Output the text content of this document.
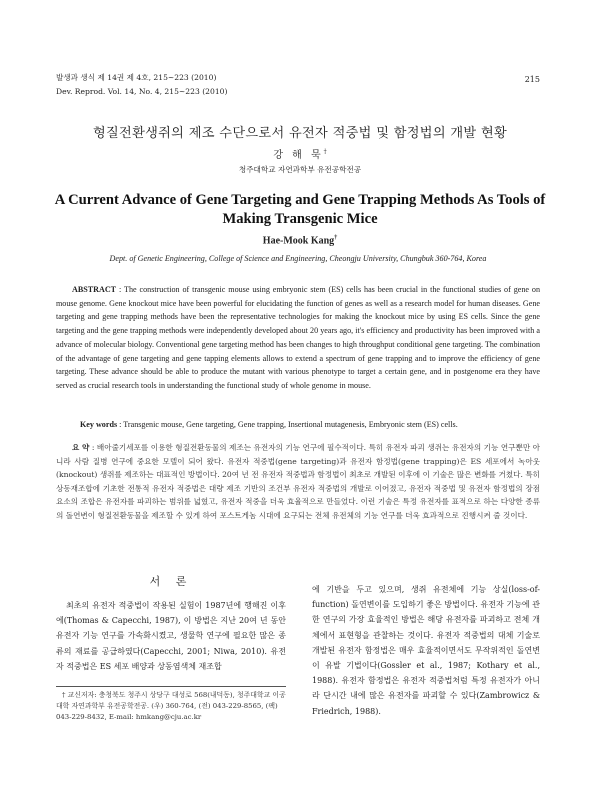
발생과 생식 제 14권 제 4호, 215~223 (2010)
Dev. Reprod. Vol. 14, No. 4, 215~223 (2010)
215
형질전환생쥐의 제조 수단으로서 유전자 적중법 및 함정법의 개발 현황
강 해 묵†
청주대학교 자연과학부 유전공학전공
A Current Advance of Gene Targeting and Gene Trapping Methods As Tools of Making Transgenic Mice
Hae-Mook Kang†
Dept. of Genetic Engineering, College of Science and Engineering, Cheongju University, Chungbuk 360-764, Korea
ABSTRACT : The construction of transgenic mouse using embryonic stem (ES) cells has been crucial in the functional studies of gene on mouse genome. Gene knockout mice have been powerful for elucidating the function of genes as well as a research model for human diseases. Gene targeting and gene trapping methods have been the representative technologies for making the knockout mice by using ES cells. Since the gene targeting and the gene trapping methods were independently developed about 20 years ago, it's efficiency and productivity has been improved with a advance of molecular biology. Conventional gene targeting method has been changes to high throughput conditional gene targeting. The combination of the advantage of gene targeting and gene tapping elements allows to extend a spectrum of gene trapping and to improve the efficiency of gene targeting. These advance should be able to produce the mutant with various phenotype to target a certain gene, and in postgenome era they have served as crucial research tools in understanding the functional study of whole genome in mouse.
Key words : Transgenic mouse, Gene targeting, Gene trapping, Insertional mutagenesis, Embryonic stem (ES) cells.
요 약 : 배아줄기세포를 이용한 형질전환동물의 제조는 유전자의 기능 연구에 필수적이다. 특히 유전자 파괴 생쥐는 유전자의 기능 연구뿐만 아니라 사람 질병 연구에 중요한 모델이 되어 왔다. 유전자 적중법(gene targeting)과 유전자 함정법(gene trapping)은 ES 세포에서 녹아웃(knockout) 생쥐를 제조하는 대표적인 방법이다. 20여 년 전 유전자 적중법과 함정법이 최초로 개발된 이후에 이 기술은 많은 변화를 거쳤다. 특히 상동재조합에 기초한 전통적 유전자 적중법은 대량 제조 기반의 조건부 유전자 적중법의 개발로 이어졌고, 유전자 적중법 및 유전자 함정법의 장점 요소의 조합은 유전자를 파괴하는 범위를 넓혔고, 유전자 적중을 더욱 효율적으로 만들었다. 이런 기술은 특정 유전자를 표적으로 하는 다양한 종류의 돌연변이 형질전환동물을 제조할 수 있게 하여 포스트게놈 시대에 요구되는 전체 유전체의 기능 연구를 더욱 효과적으로 진행시켜 줄 것이다.
서 론
최초의 유전자 적중법이 작용된 실험이 1987년에 행해진 이후에(Thomas & Capecchi, 1987), 이 방법은 지난 20여 년 동안 유전자 기능 연구를 가속화시켰고, 생물학 연구에 필요한 많은 종류의 재료를 공급하였다(Capecchi, 2001; Niwa, 2010). 유전자 적중법은 ES 세포 배양과 상동염색체 재조합
† 교신저자: 충청북도 청주시 상당구 대성로 568(내덕동), 청주대학교 이공대학 자연과학부 유전공학전공. (우) 360-764, (전) 043-229-8565, (팩) 043-229-8432, E-mail: hmkang@cju.ac.kr
에 기반을 두고 있으며, 생쥐 유전체에 기능 상실(loss-of-function) 돌연변이를 도입하기 좋은 방법이다. 유전자 기능에 관한 연구의 가장 효율적인 방법은 해당 유전자를 파괴하고 전체 개체에서 표현형을 관찰하는 것이다. 유전자 적중법의 대체 기술로 개발된 유전자 함정법은 매우 효율적이면서도 무작위적인 돌연변이 유발 기법이다(Gossler et al., 1987; Kothary et al., 1988). 유전자 함정법은 유전자 적중법처럼 특정 유전자가 아니라 단시간 내에 많은 유전자를 파괴할 수 있다(Zambrowicz & Friedrich, 1988).
